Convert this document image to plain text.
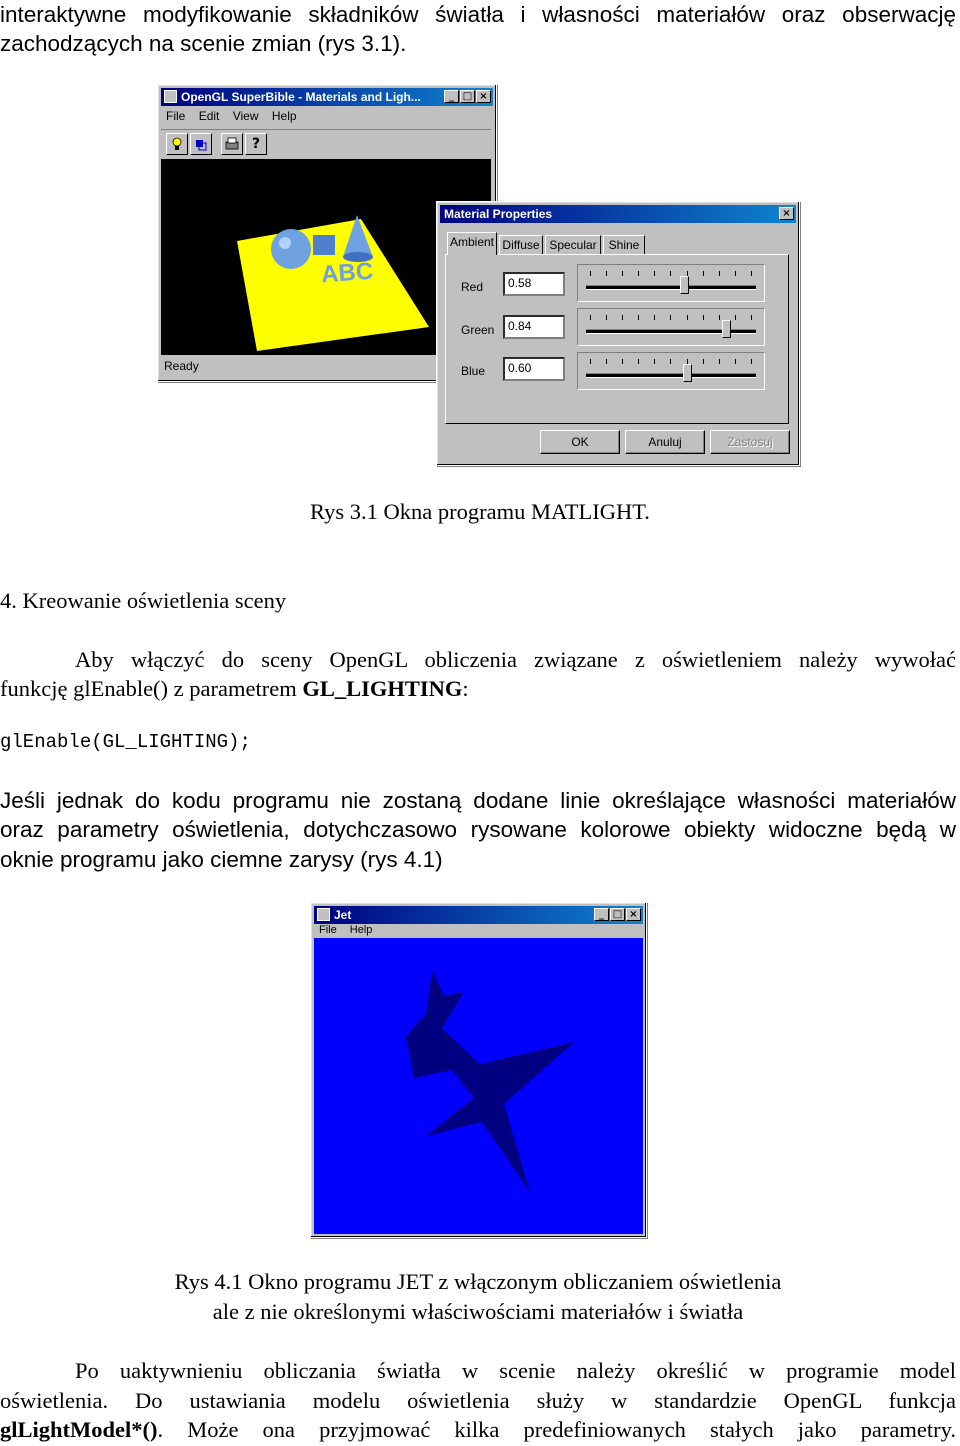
interaktywne modyfikowanie składników światła i własności materiałów oraz obserwację
zachodzących na scenie zmian (rys 3.1).
OpenGL SuperBible - Materials and Ligh...	_ □ ×
File Edit View Help
?
ABC
Ready
Material Properties	×
Ambient Diffuse Specular Shine
Red	0.58
Green	0.84
Blue	0.60
OK	Anuluj	Zastosuj
Rys 3.1 Okna programu MATLIGHT.
4. Kreowanie oświetlenia sceny
Aby włączyć do sceny OpenGL obliczenia związane z oświetleniem należy wywołać
funkcję glEnable() z parametrem GL_LIGHTING:
glEnable(GL_LIGHTING);
Jeśli jednak do kodu programu nie zostaną dodane linie określające własności materiałów
oraz parametry oświetlenia, dotychczasowo rysowane kolorowe obiekty widoczne będą w
oknie programu jako ciemne zarysy (rys 4.1)
Jet	_ □ ×
File Help
Rys 4.1 Okno programu JET z włączonym obliczaniem oświetlenia
ale z nie określonymi właściwościami materiałów i światła
Po uaktywnieniu obliczania światła w scenie należy określić w programie model
oświetlenia. Do ustawiania modelu oświetlenia służy w standardzie OpenGL funkcja
glLightModel*() . Może ona przyjmować kilka predefiniowanych stałych jako parametry.
